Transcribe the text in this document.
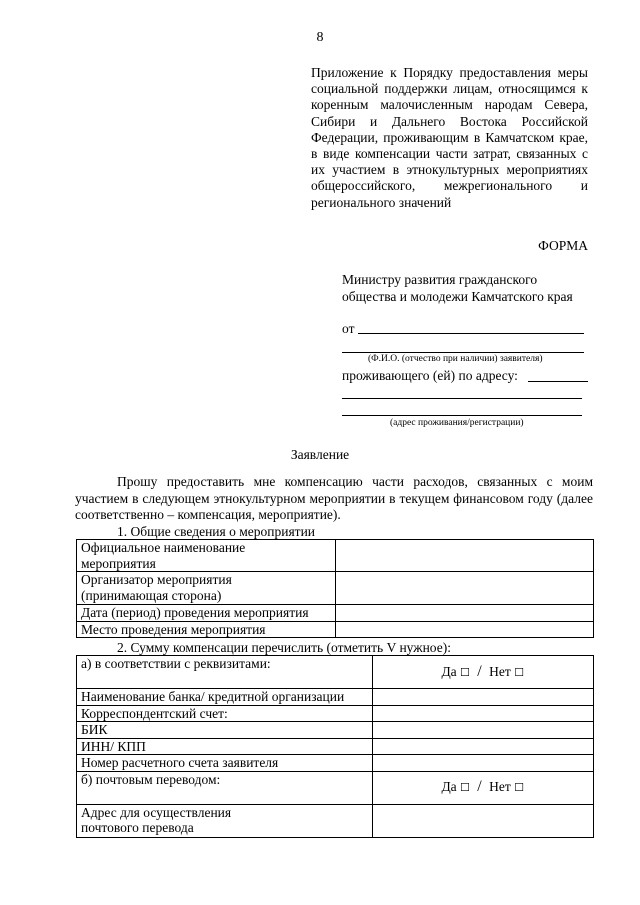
8
Приложение к Порядку предоставления меры социальной поддержки лицам, относящимся к коренным малочисленным народам Севера, Сибири и Дальнего Востока Российской Федерации, проживающим в Камчатском крае, в виде компенсации части затрат, связанных с их участием в этнокультурных мероприятиях общероссийского, межрегионального и регионального значений
ФОРМА
Министру развития гражданского
общества и молодежи Камчатского края
от
(Ф.И.О. (отчество при наличии) заявителя)
проживающего (ей) по адресу:
(адрес проживания/регистрации)
Заявление
Прошу предоставить мне компенсацию части расходов, связанных с моим участием в следующем этнокультурном мероприятии в текущем финансовом году (далее соответственно – компенсация, мероприятие).
1. Общие сведения о мероприятии
Официальное наименование
мероприятия	

Организатор мероприятия
(принимающая сторона)	

Дата (период) проведения мероприятия	
Место проведения мероприятия	
2. Сумму компенсации перечислить (отметить V нужное):
а) в соответствии с реквизитами:	Да ☐ / Нет ☐
Наименование банка/ кредитной организации	
Корреспондентский счет:	
БИК	
ИНН/ КПП	
Номер расчетного счета заявителя	
б) почтовым переводом:	Да ☐ / Нет ☐

Адрес для осуществления
почтового перевода	
